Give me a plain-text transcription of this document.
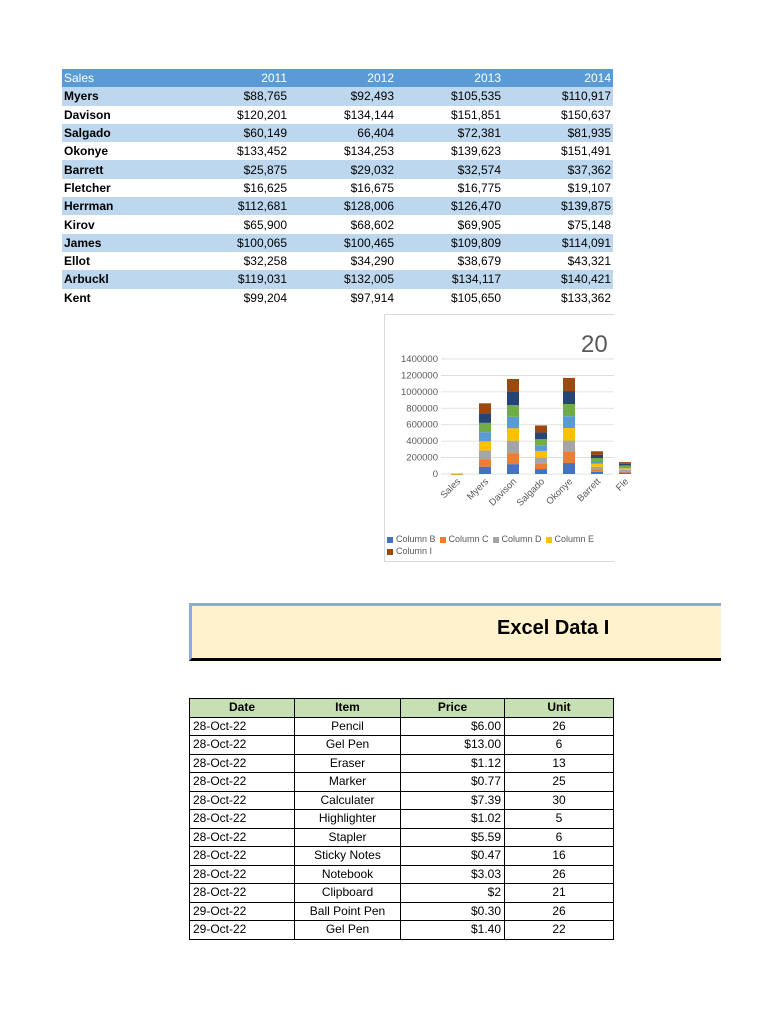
Sales	2011	2012	2013	2014
Myers	$88,765	$92,493	$105,535	$110,917
Davison	$120,201	$134,144	$151,851	$150,637
Salgado	$60,149	66,404	$72,381	$81,935
Okonye	$133,452	$134,253	$139,623	$151,491
Barrett	$25,875	$29,032	$32,574	$37,362
Fletcher	$16,625	$16,675	$16,775	$19,107
Herrman	$112,681	$128,006	$126,470	$139,875
Kirov	$65,900	$68,602	$69,905	$75,148
James	$100,065	$100,465	$109,809	$114,091
Ellot	$32,258	$34,290	$38,679	$43,321
Arbuckl	$119,031	$132,005	$134,117	$140,421
Kent	$99,204	$97,914	$105,650	$133,362
20
1400000
1200000
1000000
800000
600000
400000
200000
0
Sales Myers
Davison
Salgado
Okonye Barrett Fle
Column B Column C Column D Column EColumn I
Excel Data I
Date	Item	Price	Unit
28-Oct-22	Pencil	$6.00	26
28-Oct-22	Gel Pen	$13.00	6
28-Oct-22	Eraser	$1.12	13
28-Oct-22	Marker	$0.77	25
28-Oct-22	Calculater	$7.39	30
28-Oct-22	Highlighter	$1.02	5
28-Oct-22	Stapler	$5.59	6
28-Oct-22	Sticky Notes	$0.47	16
28-Oct-22	Notebook	$3.03	26
28-Oct-22	Clipboard	$2	21
29-Oct-22	Ball Point Pen	$0.30	26
29-Oct-22	Gel Pen	$1.40	22
